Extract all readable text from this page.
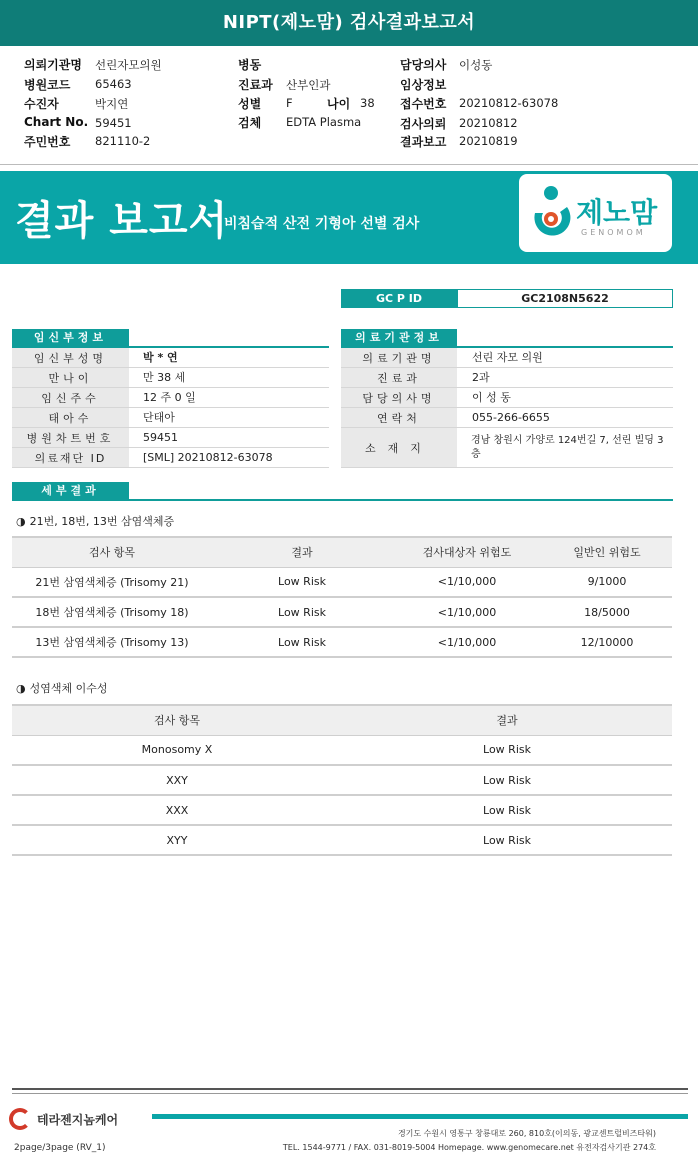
NIPT(제노맘) 검사결과보고서
의뢰기관명 선린자모의원
병원코드 65463
수진자	박지연
Chart No. 59451
주민번호 821110-2
병동
진료과 산부인과
성별 F	나이 38
검체 EDTA Plasma
담당의사 이성동
임상정보
접수번호 20210812-63078
검사의뢰 20210812
결과보고 20210819
결과 보고서
비침습적 산전 기형아 선별 검사	제노맘
GENOMOM
GC P ID	GC2108N5622
임신부정보
임신부성명	박 * 연
만나이	만 38 세
임신주수	12 주 0 일
태아수	단태아
병원차트번호	59451
의료재단 ID	[SML] 20210812-63078
의료기관정보
의료기관명	선린 자모 의원
진료과	2과
담당의사명	이 성 동
연락처	055-266-6655
소재지
경남 창원시 가양로 124번길 7, 선린 빌딩 3층
세부결과
◑ 21번, 18번, 13번 삼염색체증
검사 항목	결과	검사대상자 위험도	일반인 위험도
21번 삼염색체증 (Trisomy 21)	Low Risk	<1/10,000	9/1000
18번 삼염색체증 (Trisomy 18)	Low Risk	<1/10,000	18/5000
13번 삼염색체증 (Trisomy 13)	Low Risk	<1/10,000	12/10000
◑ 성염색체 이수성
검사 항목	결과
Monosomy X	Low Risk
XXY	Low Risk
XXX	Low Risk
XYY	Low Risk
테라젠지놈케어
경기도 수원시 영통구 창룡대로 260, 810호(이의동, 광교센트럴비즈타워)
TEL. 1544-9771 / FAX. 031-8019-5004 Homepage. www.genomecare.net 유전자검사기관 274호
2page/3page (RV_1)
